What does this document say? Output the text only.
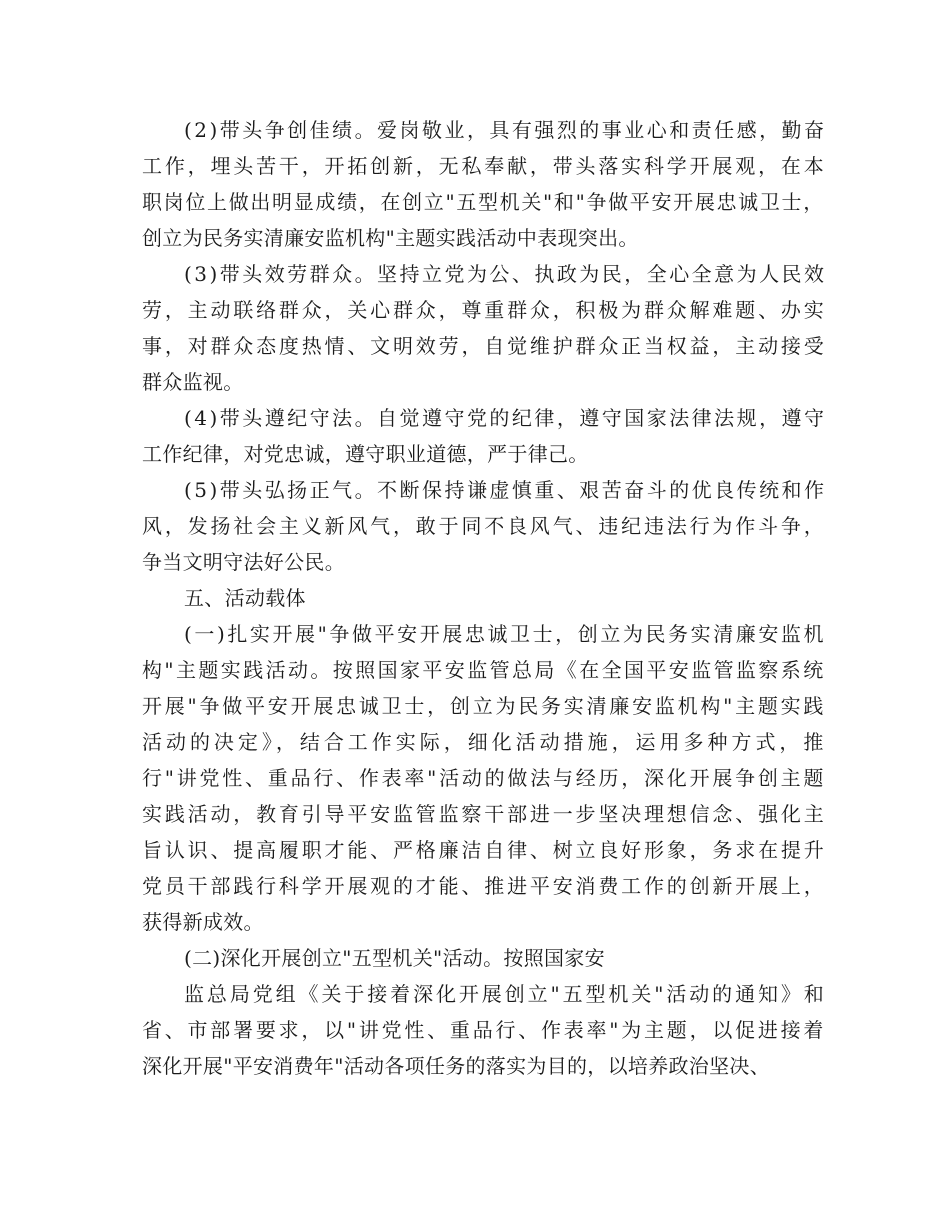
(2)带头争创佳绩。爱岗敬业，具有强烈的事业心和责任感，勤奋
工作，埋头苦干，开拓创新，无私奉献，带头落实科学开展观，在本
职岗位上做出明显成绩，在创立"五型机关"和"争做平安开展忠诚卫士，
创立为民务实清廉安监机构"主题实践活动中表现突出。

(3)带头效劳群众。坚持立党为公、执政为民，全心全意为人民效
劳，主动联络群众，关心群众，尊重群众，积极为群众解难题、办实
事，对群众态度热情、文明效劳，自觉维护群众正当权益，主动接受
群众监视。

(4)带头遵纪守法。自觉遵守党的纪律，遵守国家法律法规，遵守
工作纪律，对党忠诚，遵守职业道德，严于律己。

(5)带头弘扬正气。不断保持谦虚慎重、艰苦奋斗的优良传统和作
风，发扬社会主义新风气，敢于同不良风气、违纪违法行为作斗争，
争当文明守法好公民。

五、活动载体

(一)扎实开展"争做平安开展忠诚卫士，创立为民务实清廉安监机
构"主题实践活动。按照国家平安监管总局《在全国平安监管监察系统
开展"争做平安开展忠诚卫士，创立为民务实清廉安监机构"主题实践
活动的决定》，结合工作实际，细化活动措施，运用多种方式，推
行"讲党性、重品行、作表率"活动的做法与经历，深化开展争创主题
实践活动，教育引导平安监管监察干部进一步坚决理想信念、强化主
旨认识、提高履职才能、严格廉洁自律、树立良好形象，务求在提升
党员干部践行科学开展观的才能、推进平安消费工作的创新开展上，
获得新成效。

(二)深化开展创立"五型机关"活动。按照国家安

监总局党组《关于接着深化开展创立"五型机关"活动的通知》和
省、市部署要求，以"讲党性、重品行、作表率"为主题，以促进接着
深化开展"平安消费年"活动各项任务的落实为目的，以培养政治坚决、
